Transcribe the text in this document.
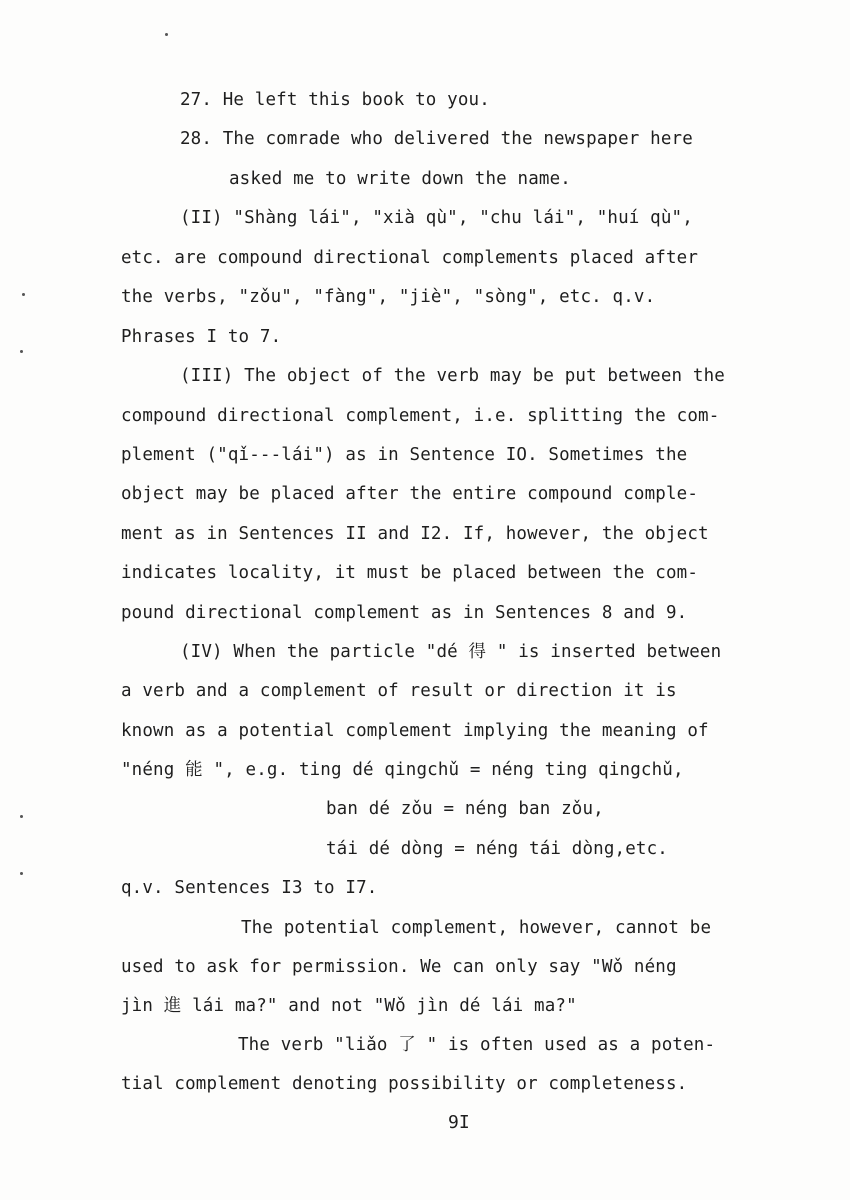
27. He left this book to you.
28. The comrade who delivered the newspaper here
asked me to write down the name.
(II) "Shàng lái", "xià qù", "chu lái", "huí qù",
etc. are compound directional complements placed after
the verbs, "zǒu", "fàng", "jiè", "sòng", etc. q.v.
Phrases I to 7.
(III) The object of the verb may be put between the
compound directional complement, i.e. splitting the com-
plement ("qǐ---lái") as in Sentence IO. Sometimes the
object may be placed after the entire compound comple-
ment as in Sentences II and I2. If, however, the object
indicates locality, it must be placed between the com-
pound directional complement as in Sentences 8 and 9.
(IV) When the particle "dé 得 " is inserted between
a verb and a complement of result or direction it is
known as a potential complement implying the meaning of
"néng 能 ", e.g. ting dé qingchǔ = néng ting qingchǔ,
ban dé zǒu = néng ban zǒu,
tái dé dòng = néng tái dòng,etc.
q.v. Sentences I3 to I7.
The potential complement, however, cannot be
used to ask for permission. We can only say "Wǒ néng
jìn 進 lái ma?" and not "Wǒ jìn dé lái ma?"
The verb "liǎo 了 " is often used as a poten-
tial complement denoting possibility or completeness.
9I
